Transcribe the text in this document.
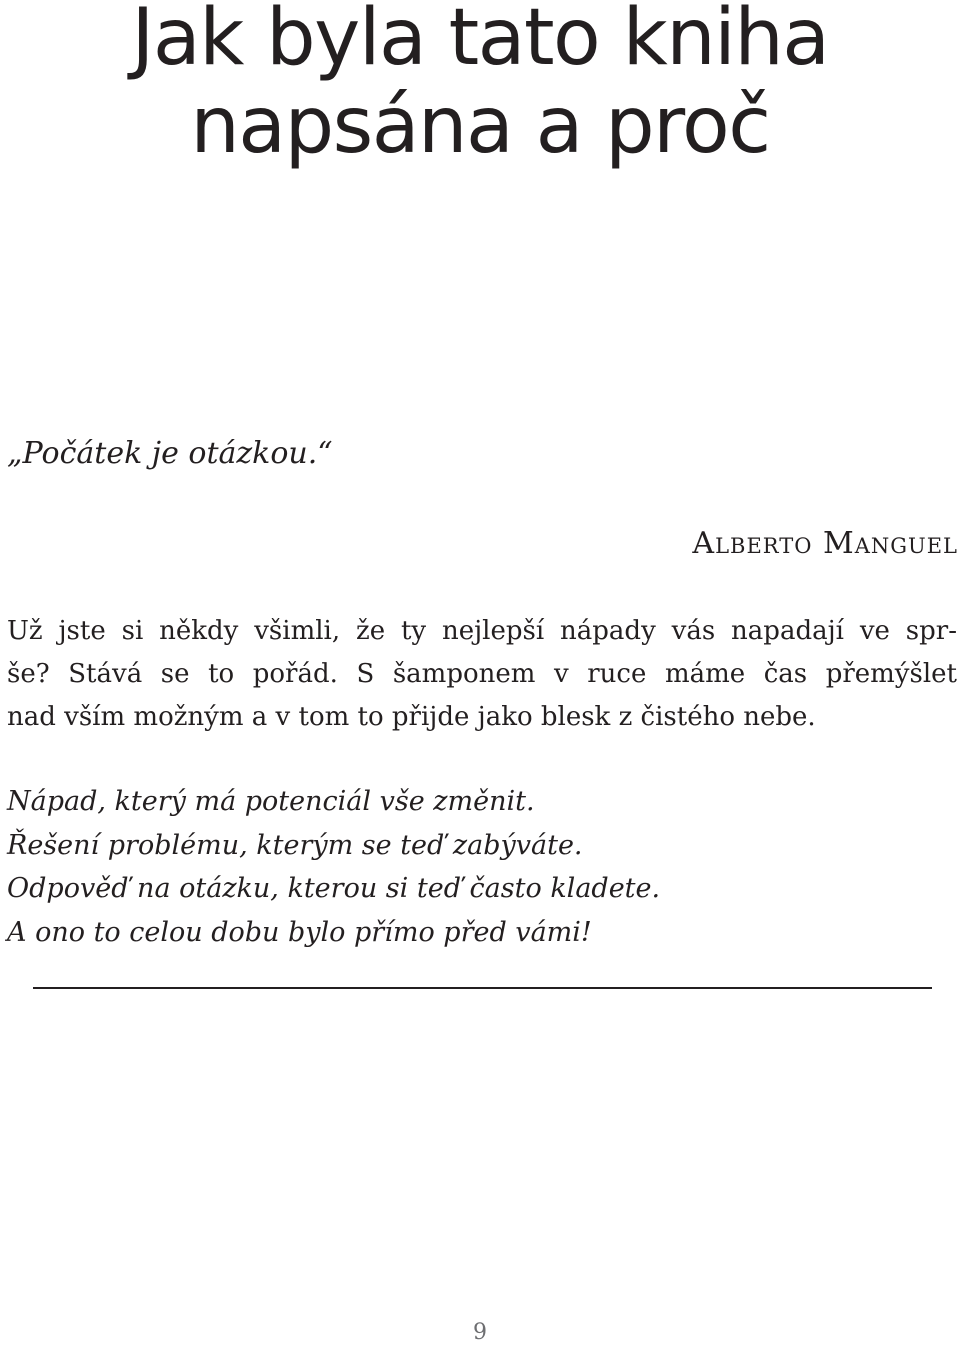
Jak byla tato kniha
napsána a proč
„Počátek je otázkou.“
Alberto Manguel
Už jste si někdy všimli, že ty nejlepší nápady vás napadají ve spr-
še? Stává se to pořád. S šamponem v ruce máme čas přemýšlet
nad vším možným a v tom to přijde jako blesk z čistého nebe.
Nápad, který má potenciál vše změnit.
Řešení problému, kterým se teď zabýváte.
Odpověď na otázku, kterou si teď často kladete.
A ono to celou dobu bylo přímo před vámi!
9
